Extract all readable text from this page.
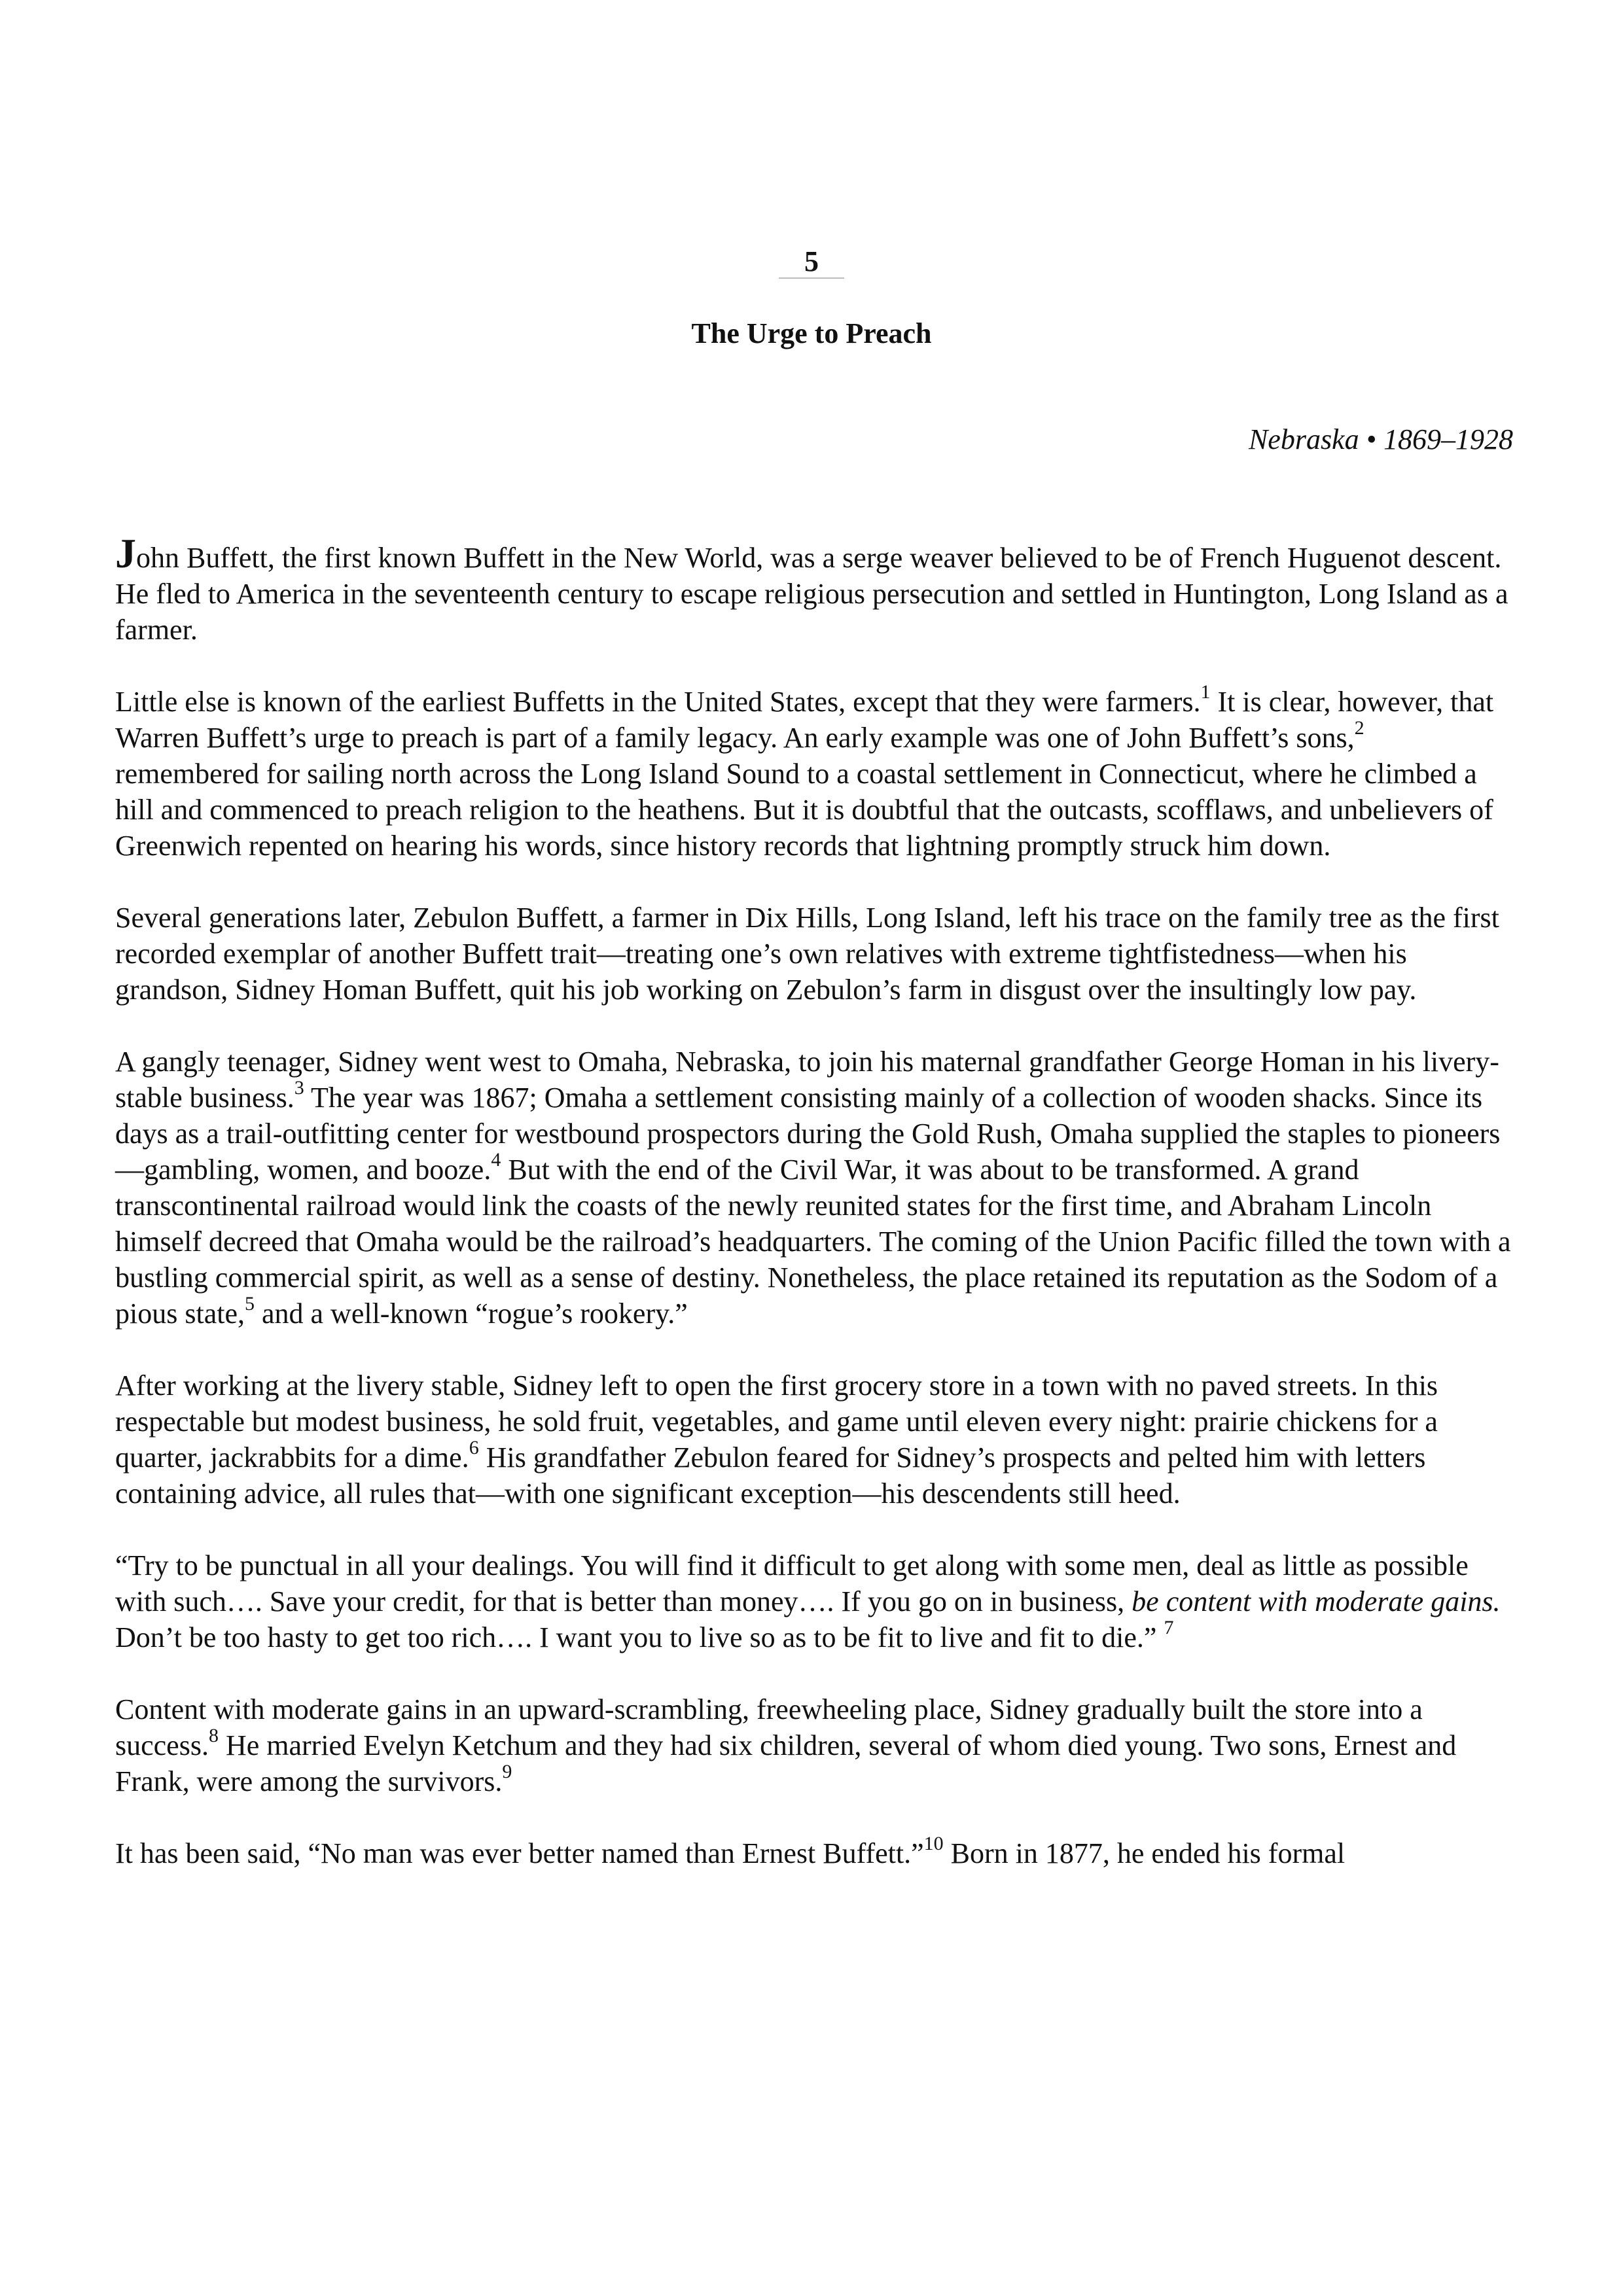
5
The Urge to Preach
Nebraska • 1869–1928

John Buffett, the first known Buffett in the New World, was a serge weaver believed to be of French Huguenot descent. He fled to America in the seventeenth century to escape religious persecution and settled in Huntington, Long Island as a farmer.

Little else is known of the earliest Buffetts in the United States, except that they were farmers.$^1$ It is clear, however, that Warren Buffett’s urge to preach is part of a family legacy. An early example was one of John Buffett’s sons,$^2$ remembered for sailing north across the Long Island Sound to a coastal settlement in Connecticut, where he climbed a hill and commenced to preach religion to the heathens. But it is doubtful that the outcasts, scofflaws, and unbelievers of Greenwich repented on hearing his words, since history records that lightning promptly struck him down.

Several generations later, Zebulon Buffett, a farmer in Dix Hills, Long Island, left his trace on the family tree as the first recorded exemplar of another Buffett trait—treating one’s own relatives with extreme tightfistedness—when his grandson, Sidney Homan Buffett, quit his job working on Zebulon’s farm in disgust over the insultingly low pay.

A gangly teenager, Sidney went west to Omaha, Nebraska, to join his maternal grandfather George Homan in his livery-stable business.$^3$ The year was 1867; Omaha a settlement consisting mainly of a collection of wooden shacks. Since its days as a trail-outfitting center for westbound prospectors during the Gold Rush, Omaha supplied the staples to pioneers—gambling, women, and booze.$^4$ But with the end of the Civil War, it was about to be transformed. A grand transcontinental railroad would link the coasts of the newly reunited states for the first time, and Abraham Lincoln himself decreed that Omaha would be the railroad’s headquarters. The coming of the Union Pacific filled the town with a bustling commercial spirit, as well as a sense of destiny. Nonetheless, the place retained its reputation as the Sodom of a pious state,$^5$ and a well-known “rogue’s rookery.”

After working at the livery stable, Sidney left to open the first grocery store in a town with no paved streets. In this respectable but modest business, he sold fruit, vegetables, and game until eleven every night: prairie chickens for a quarter, jackrabbits for a dime.$^6$ His grandfather Zebulon feared for Sidney’s prospects and pelted him with letters containing advice, all rules that—with one significant exception—his descendents still heed.

“Try to be punctual in all your dealings. You will find it difficult to get along with some men, deal as little as possible with such…. Save your credit, for that is better than money…. If you go on in business, be content with moderate gains. Don’t be too hasty to get too rich…. I want you to live so as to be fit to live and fit to die.” $^7$

Content with moderate gains in an upward-scrambling, freewheeling place, Sidney gradually built the store into a success.$^8$ He married Evelyn Ketchum and they had six children, several of whom died young. Two sons, Ernest and Frank, were among the survivors.$^9$

It has been said, “No man was ever better named than Ernest Buffett.”$^{10}$ Born in 1877, he ended his formal
